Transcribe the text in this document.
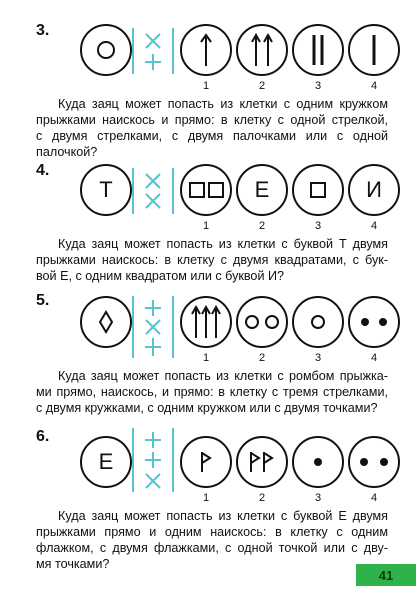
3.
1	2	3	4
Куда заяц может попасть из клетки с одним кружком
прыжками наискось и прямо: в клетку с одной стрелкой,
с двумя стрелками, с двумя палочками или с одной палочкой?
4.
Т	Е	И
1	2	3	4
Куда заяц может попасть из клетки с буквой Т двумя
прыжками наискось: в клетку с двумя квадратами, с бук-
вой Е, с одним квадратом или с буквой И?
5.
1	2	3	4
Куда заяц может попасть из клетки с ромбом прыжка-
ми прямо, наискось, и прямо: в клетку с тремя стрелками,
с двумя кружками, с одним кружком или с двумя точками?
6.
Е
1	2	3	4
Куда заяц может попасть из клетки с буквой Е двумя
прыжками прямо и одним наискось: в клетку с одним
флажком, с двумя флажками, с одной точкой или с дву-
мя точками?
41
